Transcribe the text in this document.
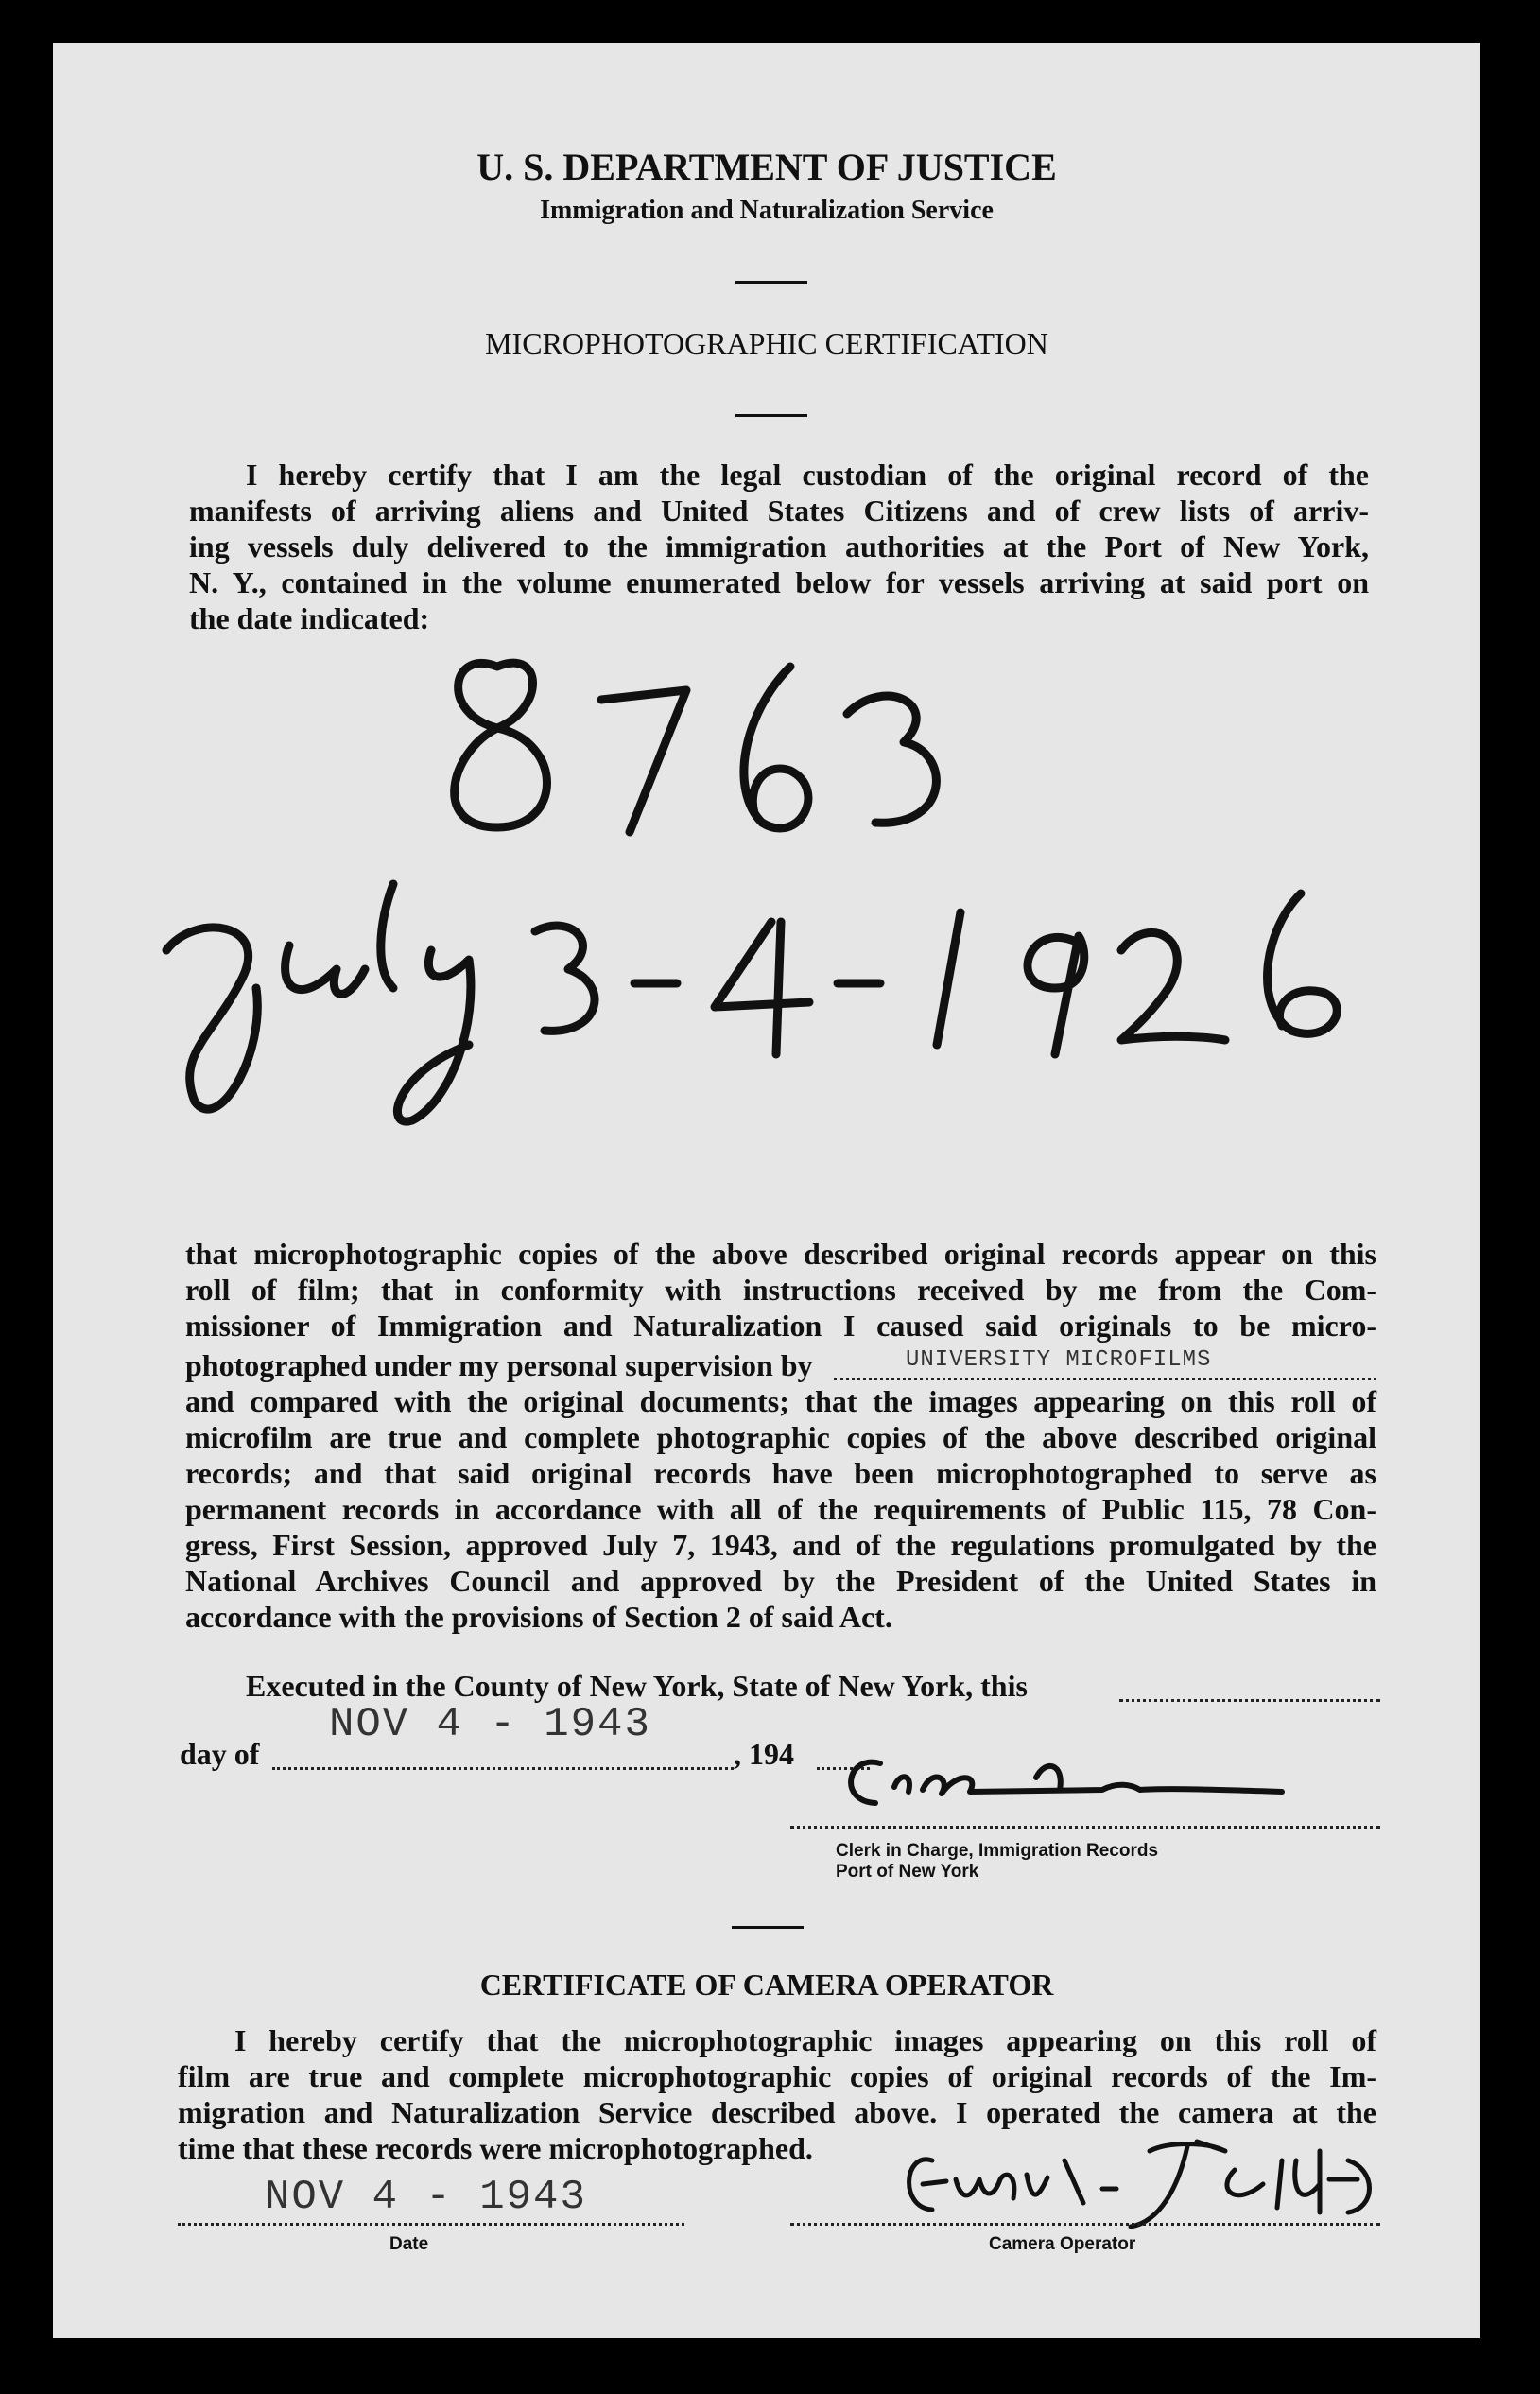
U. S. DEPARTMENT OF JUSTICE
Immigration and Naturalization Service
MICROPHOTOGRAPHIC CERTIFICATION
I hereby certify that I am the legal custodian of the original record of the
manifests of arriving aliens and United States Citizens and of crew lists of arriv-
ing vessels duly delivered to the immigration authorities at the Port of New York,
N. Y., contained in the volume enumerated below for vessels arriving at said port on
the date indicated:
that microphotographic copies of the above described original records appear on this
roll of film; that in conformity with instructions received by me from the Com-
missioner of Immigration and Naturalization I caused said originals to be micro-
photographed under my personal supervision by	UNIVERSITY MICROFILMS
and compared with the original documents; that the images appearing on this roll of
microfilm are true and complete photographic copies of the above described original
records; and that said original records have been microphotographed to serve as
permanent records in accordance with all of the requirements of Public 115, 78 Con-
gress, First Session, approved July 7, 1943, and of the regulations promulgated by the
National Archives Council and approved by the President of the United States in
accordance with the provisions of Section 2 of said Act.
Executed in the County of New York, State of New York, this
day of
NOV 4 - 1943
, 194
Clerk in Charge, Immigration Records
Port of New York
CERTIFICATE OF CAMERA OPERATOR
I hereby certify that the microphotographic images appearing on this roll of
film are true and complete microphotographic copies of original records of the Im-
migration and Naturalization Service described above. I operated the camera at the
time that these records were microphotographed.
NOV 4 - 1943
Date	Camera Operator
